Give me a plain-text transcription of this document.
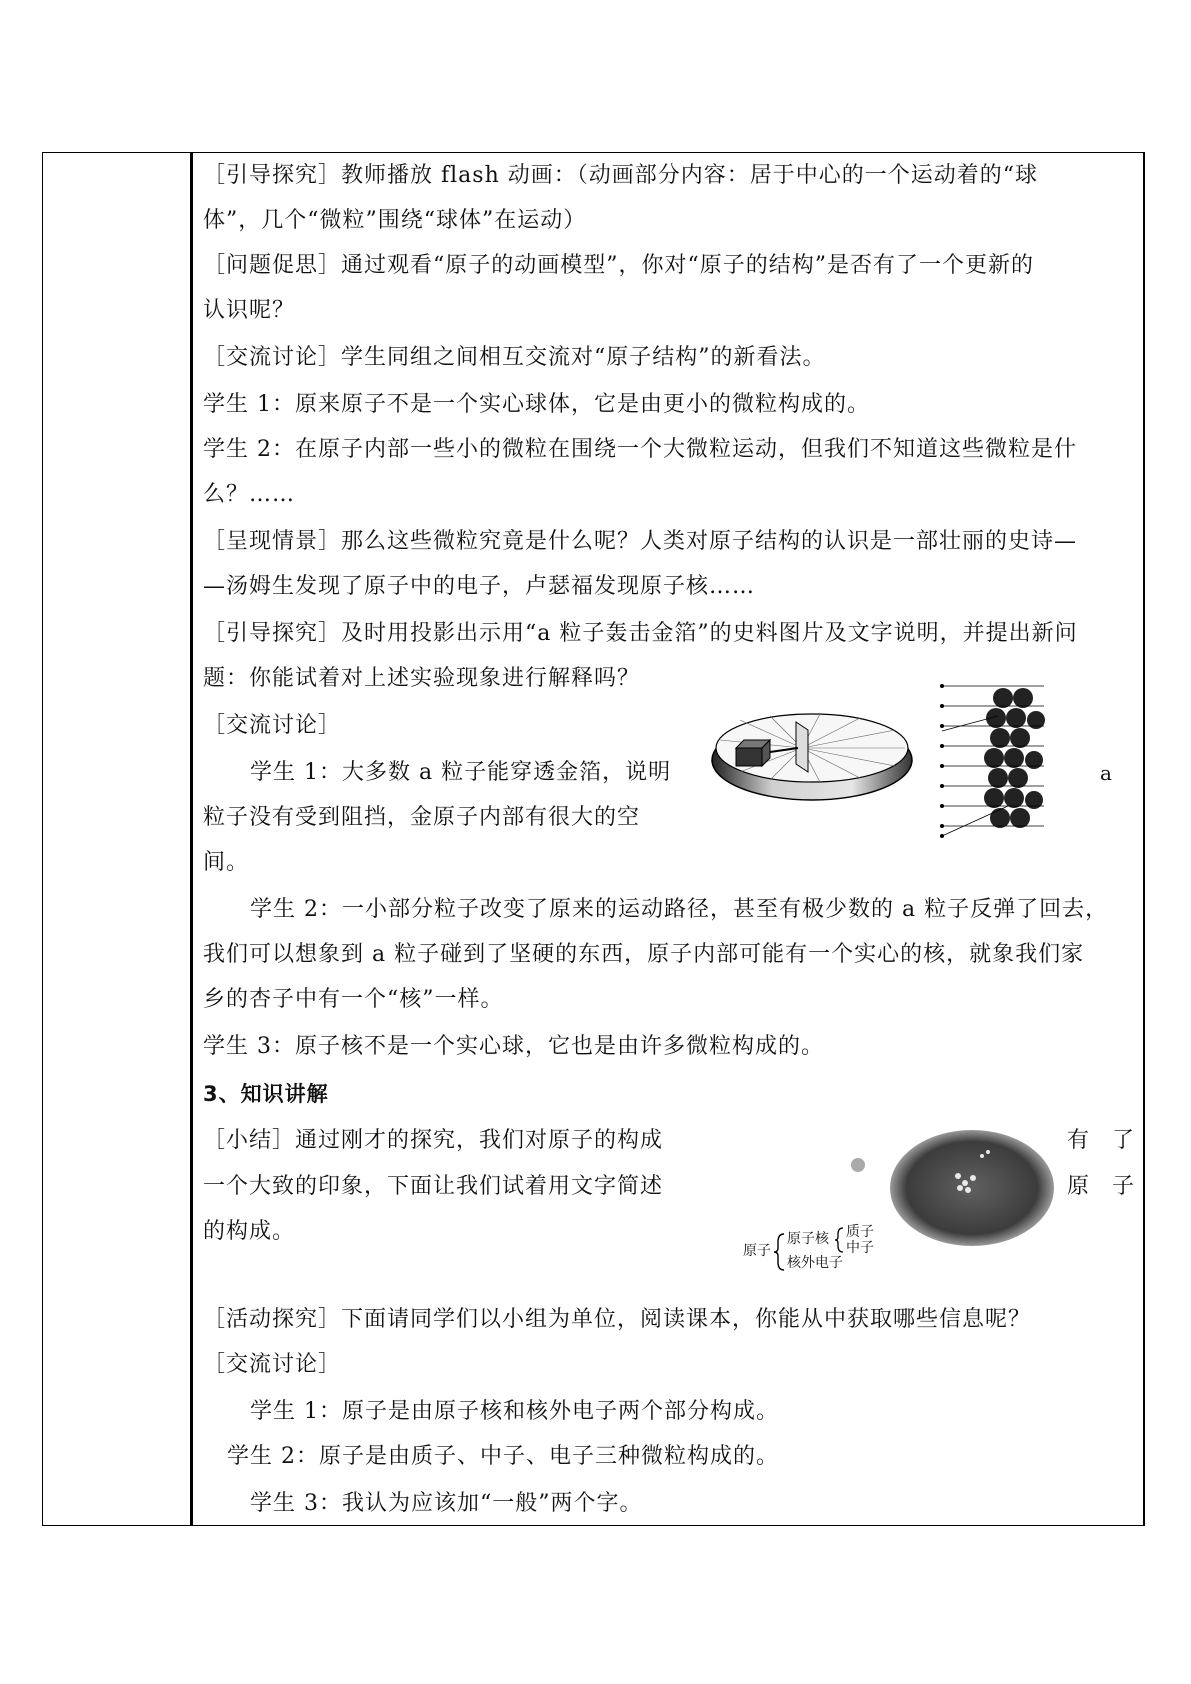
［引导探究］教师播放 flash 动画：（动画部分内容：居于中心的一个运动着的“球
体”，几个“微粒”围绕“球体”在运动）
［问题促思］通过观看“原子的动画模型”，你对“原子的结构”是否有了一个更新的
认识呢？
［交流讨论］学生同组之间相互交流对“原子结构”的新看法。
学生 1：原来原子不是一个实心球体，它是由更小的微粒构成的。
学生 2：在原子内部一些小的微粒在围绕一个大微粒运动，但我们不知道这些微粒是什
么？……
［呈现情景］那么这些微粒究竟是什么呢？人类对原子结构的认识是一部壮丽的史诗—
—汤姆生发现了原子中的电子，卢瑟福发现原子核……
［引导探究］及时用投影出示用“a 粒子轰击金箔”的史料图片及文字说明，并提出新问
题：你能试着对上述实验现象进行解释吗？
［交流讨论］
学生 1：大多数 a 粒子能穿透金箔，说明
粒子没有受到阻挡，金原子内部有很大的空
间。
学生 2：一小部分粒子改变了原来的运动路径，甚至有极少数的 a 粒子反弹了回去，
我们可以想象到 a 粒子碰到了坚硬的东西，原子内部可能有一个实心的核，就象我们家
乡的杏子中有一个“核”一样。
学生 3：原子核不是一个实心球，它也是由许多微粒构成的。
3、知识讲解
［小结］通过刚才的探究，我们对原子的构成
一个大致的印象，下面让我们试着用文字简述
的构成。
［活动探究］下面请同学们以小组为单位，阅读课本，你能从中获取哪些信息呢？
［交流讨论］
学生 1：原子是由原子核和核外电子两个部分构成。
学生 2：原子是由质子、中子、电子三种微粒构成的。
学生 3：我认为应该加“一般”两个字。
有 了
原 子
a
原子
原子核 质子
中子
核外电子
